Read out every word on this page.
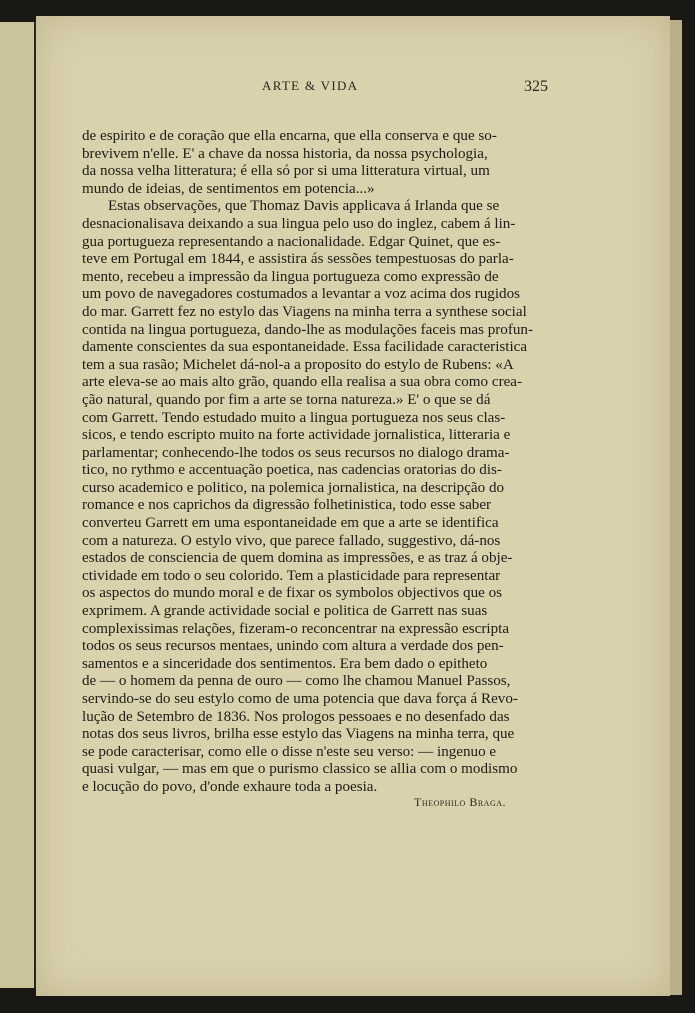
ARTE & VIDA	325
de espirito e de coração que ella encarna, que ella conserva e que so-
brevivem n'elle. E' a chave da nossa historia, da nossa psychologia,
da nossa velha litteratura; é ella só por si uma litteratura virtual, um
mundo de ideias, de sentimentos em potencia...»
Estas observações, que Thomaz Davis applicava á Irlanda que se
desnacionalisava deixando a sua lingua pelo uso do inglez, cabem á lin-
gua portugueza representando a nacionalidade. Edgar Quinet, que es-
teve em Portugal em 1844, e assistira ás sessões tempestuosas do parla-
mento, recebeu a impressão da lingua portugueza como expressão de
um povo de navegadores costumados a levantar a voz acima dos rugidos
do mar. Garrett fez no estylo das Viagens na minha terra a synthese social
contida na lingua portugueza, dando-lhe as modulações faceis mas profun-
damente conscientes da sua espontaneidade. Essa facilidade caracteristica
tem a sua rasão; Michelet dá-nol-a a proposito do estylo de Rubens: «A
arte eleva-se ao mais alto grão, quando ella realisa a sua obra como crea-
ção natural, quando por fim a arte se torna natureza.» E' o que se dá
com Garrett. Tendo estudado muito a lingua portugueza nos seus clas-
sicos, e tendo escripto muito na forte actividade jornalistica, litteraria e
parlamentar; conhecendo-lhe todos os seus recursos no dialogo drama-
tico, no rythmo e accentuação poetica, nas cadencias oratorias do dis-
curso academico e politico, na polemica jornalistica, na descripção do
romance e nos caprichos da digressão folhetinistica, todo esse saber
converteu Garrett em uma espontaneidade em que a arte se identifica
com a natureza. O estylo vivo, que parece fallado, suggestivo, dá-nos
estados de consciencia de quem domina as impressões, e as traz á obje-
ctividade em todo o seu colorido. Tem a plasticidade para representar
os aspectos do mundo moral e de fixar os symbolos objectivos que os
exprimem. A grande actividade social e politica de Garrett nas suas
complexissimas relações, fizeram-o reconcentrar na expressão escripta
todos os seus recursos mentaes, unindo com altura a verdade dos pen-
samentos e a sinceridade dos sentimentos. Era bem dado o epitheto
de — o homem da penna de ouro — como lhe chamou Manuel Passos,
servindo-se do seu estylo como de uma potencia que dava força á Revo-
lução de Setembro de 1836. Nos prologos pessoaes e no desenfado das
notas dos seus livros, brilha esse estylo das Viagens na minha terra, que
se pode caracterisar, como elle o disse n'este seu verso: — ingenuo e
quasi vulgar, — mas em que o purismo classico se allia com o modismo
e locução do povo, d'onde exhaure toda a poesia.
Theophilo Braga.
